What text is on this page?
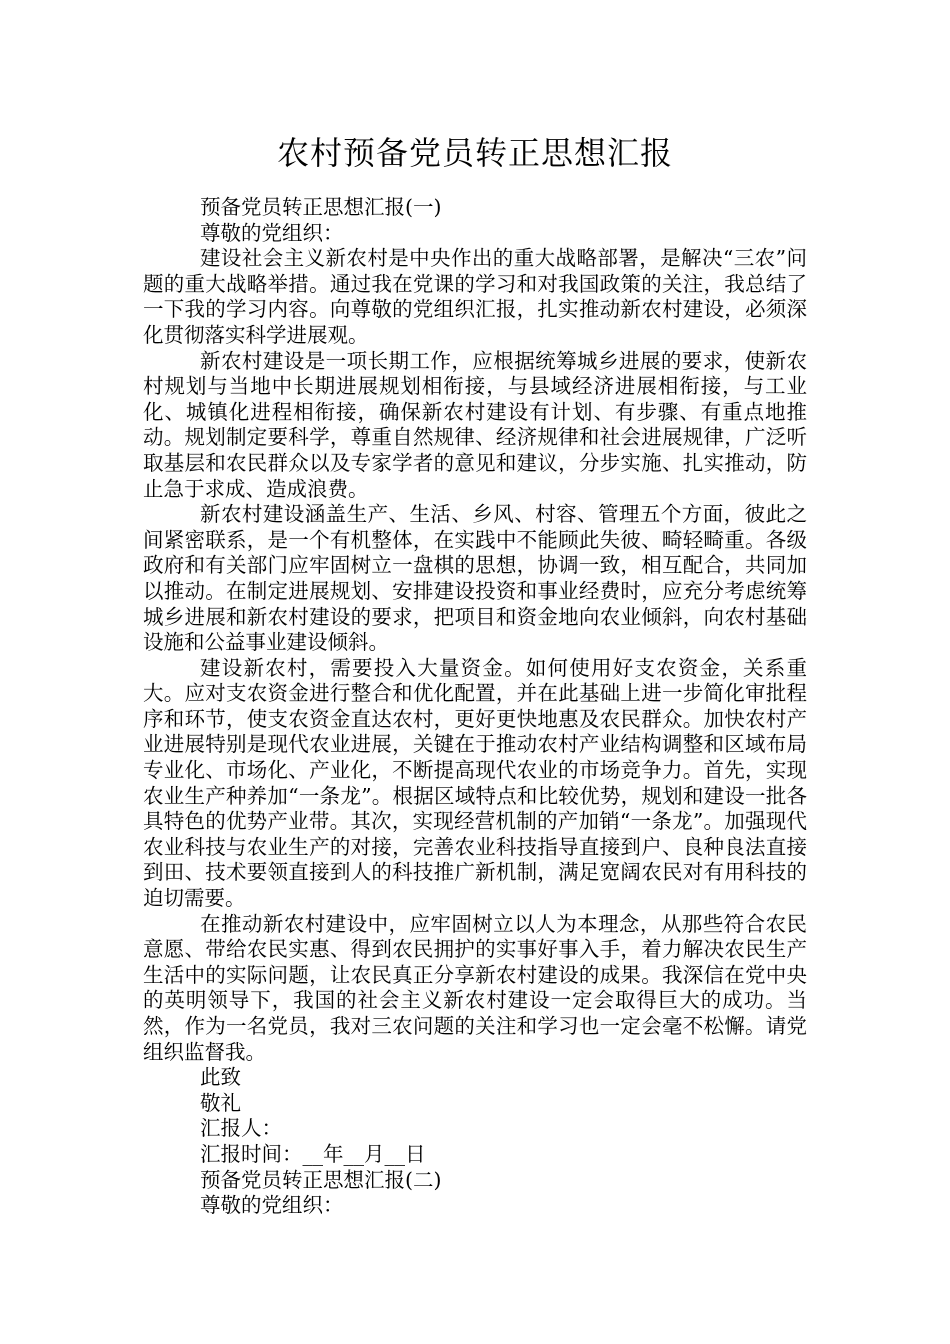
农村预备党员转正思想汇报

预备党员转正思想汇报(一)

尊敬的党组织：

建设社会主义新农村是中央作出的重大战略部署，是解决“三农”问题的重大战略举措。通过我在党课的学习和对我国政策的关注，我总结了一下我的学习内容。向尊敬的党组织汇报，扎实推动新农村建设，必须深化贯彻落实科学进展观。

新农村建设是一项长期工作，应根据统筹城乡进展的要求，使新农村规划与当地中长期进展规划相衔接，与县域经济进展相衔接，与工业化、城镇化进程相衔接，确保新农村建设有计划、有步骤、有重点地推动。规划制定要科学，尊重自然规律、经济规律和社会进展规律，广泛听取基层和农民群众以及专家学者的意见和建议，分步实施、扎实推动，防止急于求成、造成浪费。

新农村建设涵盖生产、生活、乡风、村容、管理五个方面，彼此之间紧密联系，是一个有机整体，在实践中不能顾此失彼、畸轻畸重。各级政府和有关部门应牢固树立一盘棋的思想，协调一致，相互配合，共同加以推动。在制定进展规划、安排建设投资和事业经费时，应充分考虑统筹城乡进展和新农村建设的要求，把项目和资金地向农业倾斜，向农村基础设施和公益事业建设倾斜。

建设新农村，需要投入大量资金。如何使用好支农资金，关系重大。应对支农资金进行整合和优化配置，并在此基础上进一步简化审批程序和环节，使支农资金直达农村，更好更快地惠及农民群众。加快农村产业进展特别是现代农业进展，关键在于推动农村产业结构调整和区域布局专业化、市场化、产业化，不断提高现代农业的市场竞争力。首先，实现农业生产种养加“一条龙”。根据区域特点和比较优势，规划和建设一批各具特色的优势产业带。其次，实现经营机制的产加销“一条龙”。加强现代农业科技与农业生产的对接，完善农业科技指导直接到户、良种良法直接到田、技术要领直接到人的科技推广新机制，满足宽阔农民对有用科技的迫切需要。

在推动新农村建设中，应牢固树立以人为本理念，从那些符合农民意愿、带给农民实惠、得到农民拥护的实事好事入手，着力解决农民生产生活中的实际问题，让农民真正分享新农村建设的成果。我深信在党中央的英明领导下，我国的社会主义新农村建设一定会取得巨大的成功。当然，作为一名党员，我对三农问题的关注和学习也一定会毫不松懈。请党组织监督我。

此致

敬礼

汇报人：

汇报时间：__年__月__日

预备党员转正思想汇报(二)

尊敬的党组织：
